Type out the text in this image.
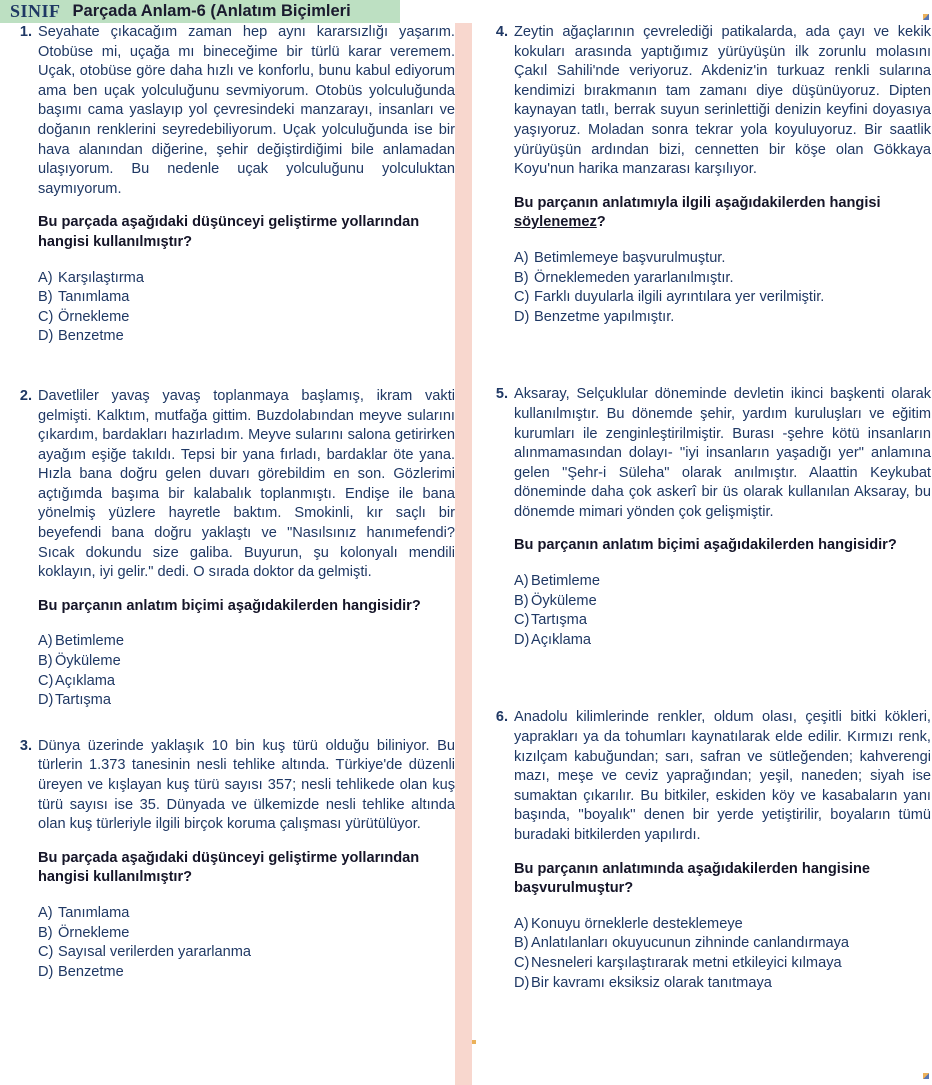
SINIF Parçada Anlam-6 (Anlatım Biçimleri
1. Seyahate çıkacağım zaman hep aynı kararsızlığı yaşarım. Otobüse mi, uçağa mı bineceğime bir türlü karar veremem. Uçak, otobüse göre daha hızlı ve konforlu, bunu kabul ediyorum ama ben uçak yolculuğunu sevmiyorum. Otobüs yolculuğunda başımı cama yaslayıp yol çevresindeki manzarayı, insanları ve doğanın renklerini seyredebiliyorum. Uçak yolculuğunda ise bir hava alanından diğerine, şehir değiştirdiğimi bile anlamadan ulaşıyorum. Bu nedenle uçak yolculuğunu yolculuktan saymıyorum.
Bu parçada aşağıdaki düşünceyi geliştirme yollarından hangisi kullanılmıştır?
A) Karşılaştırma
B) Tanımlama
C) Örnekleme
D) Benzetme
2. Davetliler yavaş yavaş toplanmaya başlamış, ikram vakti gelmişti. Kalktım, mutfağa gittim. Buzdolabından meyve sularını çıkardım, bardakları hazırladım. Meyve sularını salona getirirken ayağım eşiğe takıldı. Tepsi bir yana fırladı, bardaklar öte yana. Hızla bana doğru gelen duvarı görebildim en son. Gözlerimi açtığımda başıma bir kalabalık toplanmıştı. Endişe ile bana yönelmiş yüzlere hayretle baktım. Smokinli, kır saçlı bir beyefendi bana doğru yaklaştı ve "Nasılsınız hanımefendi? Sıcak dokundu size galiba. Buyurun, şu kolonyalı mendili koklayın, iyi gelir." dedi. O sırada doktor da gelmişti.
Bu parçanın anlatım biçimi aşağıdakilerden hangisidir?
A) Betimleme
B) Öyküleme
C) Açıklama
D) Tartışma
3. Dünya üzerinde yaklaşık 10 bin kuş türü olduğu biliniyor. Bu türlerin 1.373 tanesinin nesli tehlike altında. Türkiye'de düzenli üreyen ve kışlayan kuş türü sayısı 357; nesli tehlikede olan kuş türü sayısı ise 35. Dünyada ve ülkemizde nesli tehlike altında olan kuş türleriyle ilgili birçok koruma çalışması yürütülüyor.
Bu parçada aşağıdaki düşünceyi geliştirme yollarından hangisi kullanılmıştır?
A) Tanımlama
B) Örnekleme
C) Sayısal verilerden yararlanma
D) Benzetme
4. Zeytin ağaçlarının çevrelediği patikalarda, ada çayı ve kekik kokuları arasında yaptığımız yürüyüşün ilk zorunlu molasını Çakıl Sahili'nde veriyoruz. Akdeniz'in turkuaz renkli sularına kendimizi bırakmanın tam zamanı diye düşünüyoruz. Dipten kaynayan tatlı, berrak suyun serinlettiği denizin keyfini doyasıya yaşıyoruz. Moladan sonra tekrar yola koyuluyoruz. Bir saatlik yürüyüşün ardından bizi, cennetten bir köşe olan Gökkaya Koyu'nun harika manzarası karşılıyor.
Bu parçanın anlatımıyla ilgili aşağıdakilerden hangisi söylenemez?
A) Betimlemeye başvurulmuştur.
B) Örneklemeden yararlanılmıştır.
C) Farklı duyularla ilgili ayrıntılara yer verilmiştir.
D) Benzetme yapılmıştır.
5. Aksaray, Selçuklular döneminde devletin ikinci başkenti olarak kullanılmıştır. Bu dönemde şehir, yardım kuruluşları ve eğitim kurumları ile zenginleştirilmiştir. Burası -şehre kötü insanların alınmamasından dolayı- ''iyi insanların yaşadığı yer" anlamına gelen "Şehr-i Süleha" olarak anılmıştır. Alaattin Keykubat döneminde daha çok askerî bir üs olarak kullanılan Aksaray, bu dönemde mimari yönden çok gelişmiştir.
Bu parçanın anlatım biçimi aşağıdakilerden hangisidir?
A) Betimleme
B) Öyküleme
C) Tartışma
D) Açıklama
6. Anadolu kilimlerinde renkler, oldum olası, çeşitli bitki kökleri, yaprakları ya da tohumları kaynatılarak elde edilir. Kırmızı renk, kızılçam kabuğundan; sarı, safran ve sütleğenden; kahverengi mazı, meşe ve ceviz yaprağından; yeşil, naneden; siyah ise sumaktan çıkarılır. Bu bitkiler, eskiden köy ve kasabaların yanı başında, ''boyalık'' denen bir yerde yetiştirilir, boyaların tümü buradaki bitkilerden yapılırdı.
Bu parçanın anlatımında aşağıdakilerden hangisine başvurulmuştur?
A) Konuyu örneklerle desteklemeye
B) Anlatılanları okuyucunun zihninde canlandırmaya
C) Nesneleri karşılaştırarak metni etkileyici kılmaya
D) Bir kavramı eksiksiz olarak tanıtmaya
